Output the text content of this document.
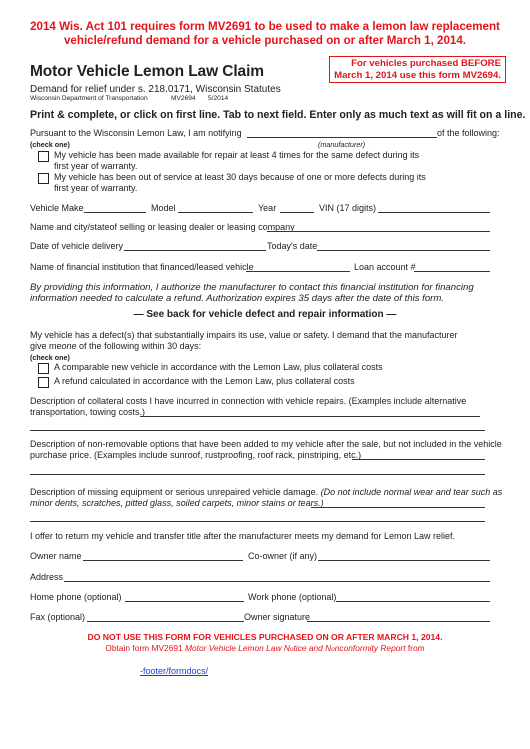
2014 Wis. Act 101 requires form MV2691 to be used to make a lemon law replacement
vehicle/refund demand for a vehicle purchased on or after March 1, 2014.
For vehicles purchased BEFORE
March 1, 2014 use this form MV2694.
Motor Vehicle Lemon Law Claim
Demand for relief under s. 218.0171, Wisconsin Statutes
Wisconsin Department of Transportation	MV2694 5/2014
Print & complete, or click on first line. Tab to next field. Enter only as much text as will fit on a line.
Pursuant to the Wisconsin Lemon Law, I am notifying	of the following:
(manufacturer)
(check one)
My vehicle has been made available for repair at least 4 times for the same defect during its
first year of warranty.
My vehicle has been out of service at least 30 days because of one or more defects during its
first year of warranty.
Vehicle Make	Model	Year	VIN (17 digits)
Name and city/stateof selling or leasing dealer or leasing company
Date of vehicle delivery	Today's date
Name of financial institution that financed/leased vehicle	Loan account #
By providing this information, I authorize the manufacturer to contact this financial institution for financing
information needed to calculate a refund. Authorization expires 35 days after the date of this form.
— See back for vehicle defect and repair information —
My vehicle has a defect(s) that substantially impairs its use, value or safety. I demand that the manufacturer
give meone of the following within 30 days:
(check one)
A comparable new vehicle in accordance with the Lemon Law, plus collateral costs
A refund calculated in accordance with the Lemon Law, plus collateral costs
Description of collateral costs I have incurred in connection with vehicle repairs. (Examples include alternative
transportation, towing costs.)
Description of non-removable options that have been added to my vehicle after the sale, but not included in the vehicle
purchase price. (Examples include sunroof, rustproofing, roof rack, pinstriping, etc.)
Description of missing equipment or serious unrepaired vehicle damage. (Do not include normal wear and tear such as
minor dents, scratches, pitted glass, soiled carpets, minor stains or tears.)
I offer to return my vehicle and transfer title after the manufacturer meets my demand for Lemon Law relief.
Owner name	Co-owner (if any)
Address
Home phone (optional)	Work phone (optional)
Fax (optional)	Owner signature
DO NOT USE THIS FORM FOR VEHICLES PURCHASED ON OR AFTER MARCH 1, 2014.
Obtain form MV2691 Motor Vehicle Lemon Law Notice and Nonconformity Report from
-footer/formdocs/
